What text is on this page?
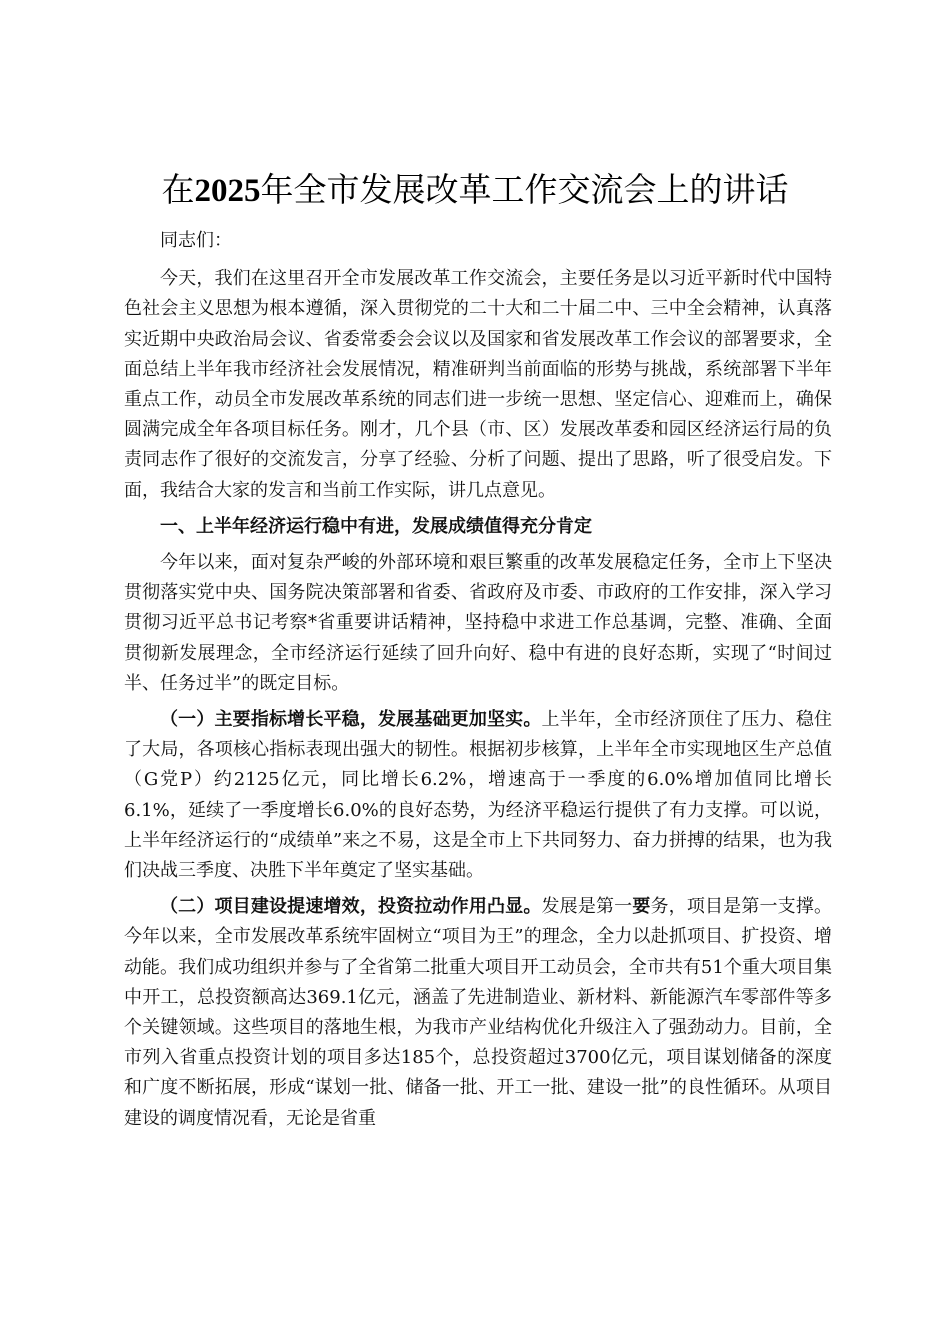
在2025年全市发展改革工作交流会上的讲话

同志们：

今天，我们在这里召开全市发展改革工作交流会，主要任务是以习近平新时代中国特色社会主义思想为根本遵循，深入贯彻党的二十大和二十届二中、三中全会精神，认真落实近期中央政治局会议、省委常委会会议以及国家和省发展改革工作会议的部署要求，全面总结上半年我市经济社会发展情况，精准研判当前面临的形势与挑战，系统部署下半年重点工作，动员全市发展改革系统的同志们进一步统一思想、坚定信心、迎难而上，确保圆满完成全年各项目标任务。刚才，几个县（市、区）发展改革委和园区经济运行局的负责同志作了很好的交流发言，分享了经验、分析了问题、提出了思路，听了很受启发。下面，我结合大家的发言和当前工作实际，讲几点意见。

一、上半年经济运行稳中有进，发展成绩值得充分肯定

今年以来，面对复杂严峻的外部环境和艰巨繁重的改革发展稳定任务，全市上下坚决贯彻落实党中央、国务院决策部署和省委、省政府及市委、市政府的工作安排，深入学习贯彻习近平总书记考察*省重要讲话精神，坚持稳中求进工作总基调，完整、准确、全面贯彻新发展理念，全市经济运行延续了回升向好、稳中有进的良好态斯，实现了“时间过半、任务过半”的既定目标。

（一）主要指标增长平稳，发展基础更加坚实。上半年，全市经济顶住了压力、稳住了大局，各项核心指标表现出强大的韧性。根据初步核算，上半年全市实现地区生产总值（G党P）约2125亿元，同比增长6.2%，增速高于一季度的6.0%增加值同比增长6.1%，延续了一季度增长6.0%的良好态势，为经济平稳运行提供了有力支撑。可以说，上半年经济运行的“成绩单”来之不易，这是全市上下共同努力、奋力拼搏的结果，也为我们决战三季度、决胜下半年奠定了坚实基础。

（二）项目建设提速增效，投资拉动作用凸显。发展是第一要务，项目是第一支撑。今年以来，全市发展改革系统牢固树立“项目为王”的理念，全力以赴抓项目、扩投资、增动能。我们成功组织并参与了全省第二批重大项目开工动员会，全市共有51个重大项目集中开工，总投资额高达369.1亿元，涵盖了先进制造业、新材料、新能源汽车零部件等多个关键领域。这些项目的落地生根，为我市产业结构优化升级注入了强劲动力。目前，全市列入省重点投资计划的项目多达185个，总投资超过3700亿元，项目谋划储备的深度和广度不断拓展，形成“谋划一批、储备一批、开工一批、建设一批”的良性循环。从项目建设的调度情况看，无论是省重
